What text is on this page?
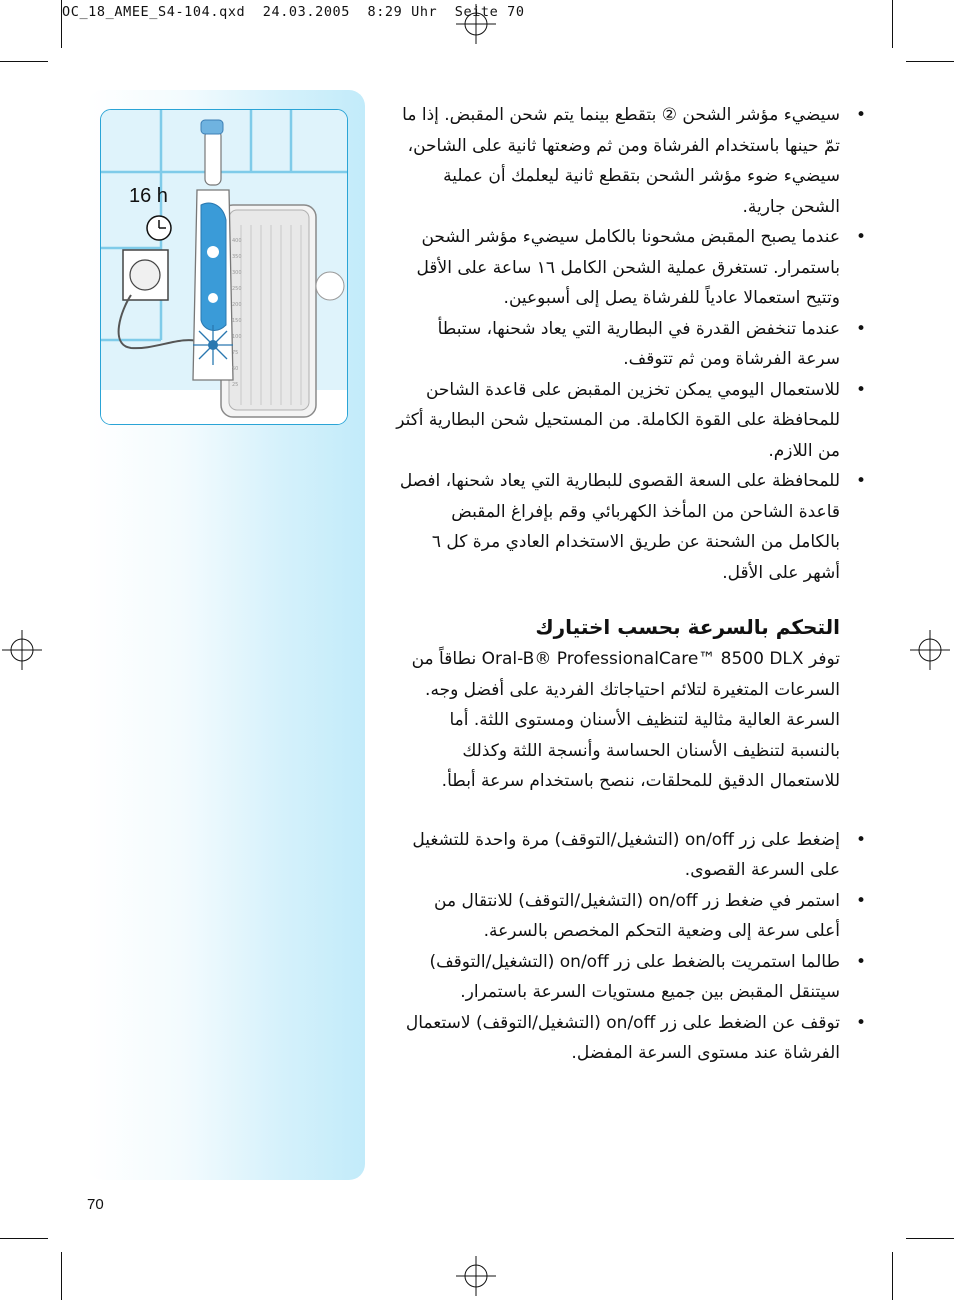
OC_18_AMEE_S4-104.qxd  24.03.2005  8:29 Uhr  Seite 70
16 h
400
350
300
250
200
150
100
75
50
25
•
سيضيء مؤشر الشحن ② بتقطع بينما يتم شحن المقبض. إذا ما تمّ حينها باستخدام الفرشاة ومن ثم وضعتها ثانية على الشاحن، سيضيء ضوء مؤشر الشحن بتقطع ثانية ليعلمك أن عملية الشحن جارية.
•
عندما يصبح المقبض مشحونا بالكامل سيضيء مؤشر الشحن باستمرار. تستغرق عملية الشحن الكامل ١٦ ساعة على الأقل وتتيح استعمالا عادياً للفرشاة يصل إلى أسبوعين.
•
عندما تنخفض القدرة في البطارية التي يعاد شحنها، ستبطأ سرعة الفرشاة ومن ثم تتوقف.
•
للاستعمال اليومي يمكن تخزين المقبض على قاعدة الشاحن للمحافظة على القوة الكاملة. من المستحيل شحن البطارية أكثر من اللازم.
•
للمحافظة على السعة القصوى للبطارية التي يعاد شحنها، افصل قاعدة الشاحن من المأخذ الكهربائي وقم بإفراغ المقبض بالكامل من الشحنة عن طريق الاستخدام العادي مرة كل ٦ أشهر على الأقل.
التحكم بالسرعة بحسب اختيارك
توفر Oral-B® ProfessionalCare™ 8500 DLX نطاقاً من السرعات المتغيرة لتلائم احتياجاتك الفردية على أفضل وجه. السرعة العالية مثالية لتنظيف الأسنان ومستوى اللثة. أما بالنسبة لتنظيف الأسنان الحساسة وأنسجة اللثة وكذلك للاستعمال الدقيق للمحلقات، ننصح باستخدام سرعة أبطأ.
•
إضغط على زر on/off (التشغيل/التوقف) مرة واحدة للتشغيل على السرعة القصوى.
•
استمر في ضغط زر on/off (التشغيل/التوقف) للانتقال من أعلى سرعة إلى وضعية التحكم المخصص بالسرعة.
•
طالما استمريت بالضغط على زر on/off (التشغيل/التوقف) سيتنقل المقبض بين جميع مستويات السرعة باستمرار.
•
توقف عن الضغط على زر on/off (التشغيل/التوقف) لاستعمال الفرشاة عند مستوى السرعة المفضل.
70
